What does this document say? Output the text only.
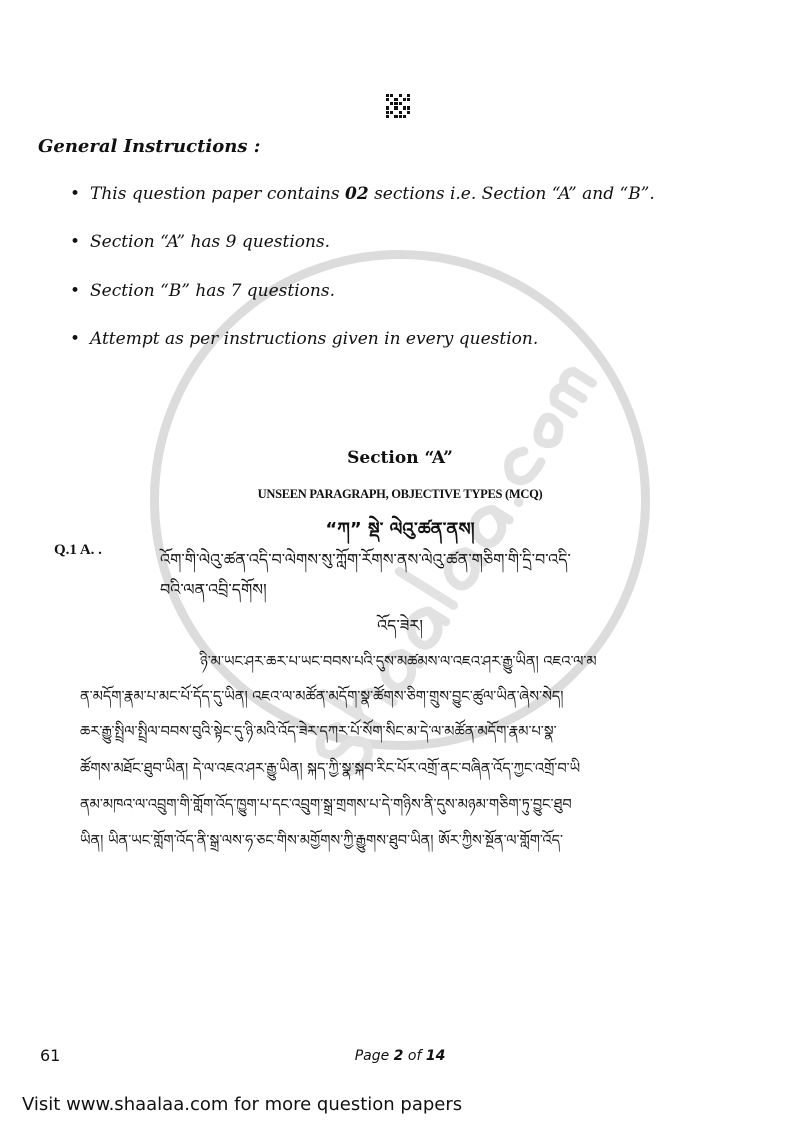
General Instructions :
• This question paper contains 02 sections i.e. Section “A” and “B”.
• Section “A” has 9 questions.
• Section “B” has 7 questions.
• Attempt as per instructions given in every question.
Section “A”
UNSEEN PARAGRAPH, OBJECTIVE TYPES (MCQ)
“ཀ” སྡེ་ ལེའུ་ཚན་ནས།
Q.1 A. .	འོག་གི་ལེའུ་ཚན་འདི་བ་ལེགས་སུ་ཀློག་རོགས་ནས་ལེའུ་ཚན་གཅིག་གི་དྲི་བ་འདི་
བའི་ལན་འབྲི་དགོས།
འོད་ཟེར།
ཉི་མ་ཡང་ཤར་ཆར་པ་ཡང་བབས་པའི་དུས་མཚམས་ལ་འཇའ་ཤར་རྒྱུ་ཡིན། འཇའ་ལ་མ
ན་མདོག་རྣམ་པ་མང་པོ་དོད་དུ་ཡིན། འཇའ་ལ་མཚོན་མདོག་སྣ་ཚོགས་ཅིག་གྲུས་བྱུང་ཚུལ་ཡིན་ཞེས་སེད།
ཆར་རྒྱུ་སྤྲིལ་སྤྲིལ་བབས་བུའི་སྟེང་དུ་ཉི་མའི་འོད་ཟེར་དཀར་པོ་སོག་སིང་མ་དེ་ལ་མཚོན་མདོག་རྣམ་པ་སྣ་
ཚོགས་མཐོང་ཐུབ་ཡིན། དེ་ལ་འཇའ་ཤར་རྒྱུ་ཡིན། སྐད་ཀྱི་སྣ་སྐབ་རིང་པོར་འགྲོ་ནང་བཞིན་འོད་ཀྱང་འགྲོ་བ་ཡི
ནམ་མཁའ་ལ་འབྲུག་གི་གློག་འོད་ཁྱུག་པ་དང་འབྲུག་སྒྲ་གྲགས་པ་དེ་གཉིས་ནི་དུས་མཉམ་གཅིག་ཏུ་བྱུང་ཐུབ
ཡིན། ཡིན་ཡང་གློག་འོད་ནི་སྒྲ་ལས་ཧ་ཅང་གིས་མགྱོགས་ཀྱི་རྒྱུགས་ཐུབ་ཡིན། ཨོར་ཀྱིས་སྔོན་ལ་གློག་འོད་
61	Page 2 of 14
Visit www.shaalaa.com for more question papers
